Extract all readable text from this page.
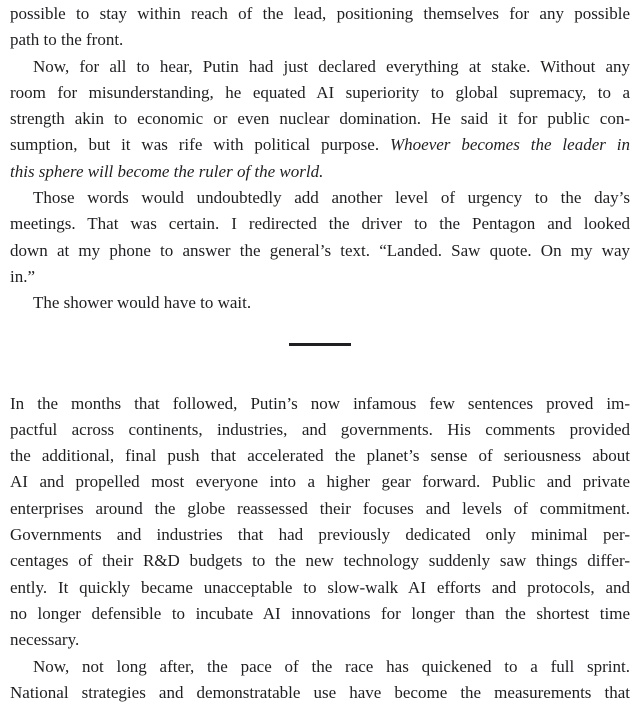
possible to stay within reach of the lead, positioning themselves for any possible
path to the front.
Now, for all to hear, Putin had just declared everything at stake. Without any
room for misunderstanding, he equated AI superiority to global supremacy, to a
strength akin to economic or even nuclear domination. He said it for public con-
sumption, but it was rife with political purpose. Whoever becomes the leader in
this sphere will become the ruler of the world.
Those words would undoubtedly add another level of urgency to the day’s
meetings. That was certain. I redirected the driver to the Pentagon and looked
down at my phone to answer the general’s text. “Landed. Saw quote. On my way
in.”
The shower would have to wait.
In the months that followed, Putin’s now infamous few sentences proved im-
pactful across continents, industries, and governments. His comments provided
the additional, final push that accelerated the planet’s sense of seriousness about
AI and propelled most everyone into a higher gear forward. Public and private
enterprises around the globe reassessed their focuses and levels of commitment.
Governments and industries that had previously dedicated only minimal per-
centages of their R&D budgets to the new technology suddenly saw things differ-
ently. It quickly became unacceptable to slow-walk AI efforts and protocols, and
no longer defensible to incubate AI innovations for longer than the shortest time
necessary.
Now, not long after, the pace of the race has quickened to a full sprint.
National strategies and demonstratable use have become the measurements that
